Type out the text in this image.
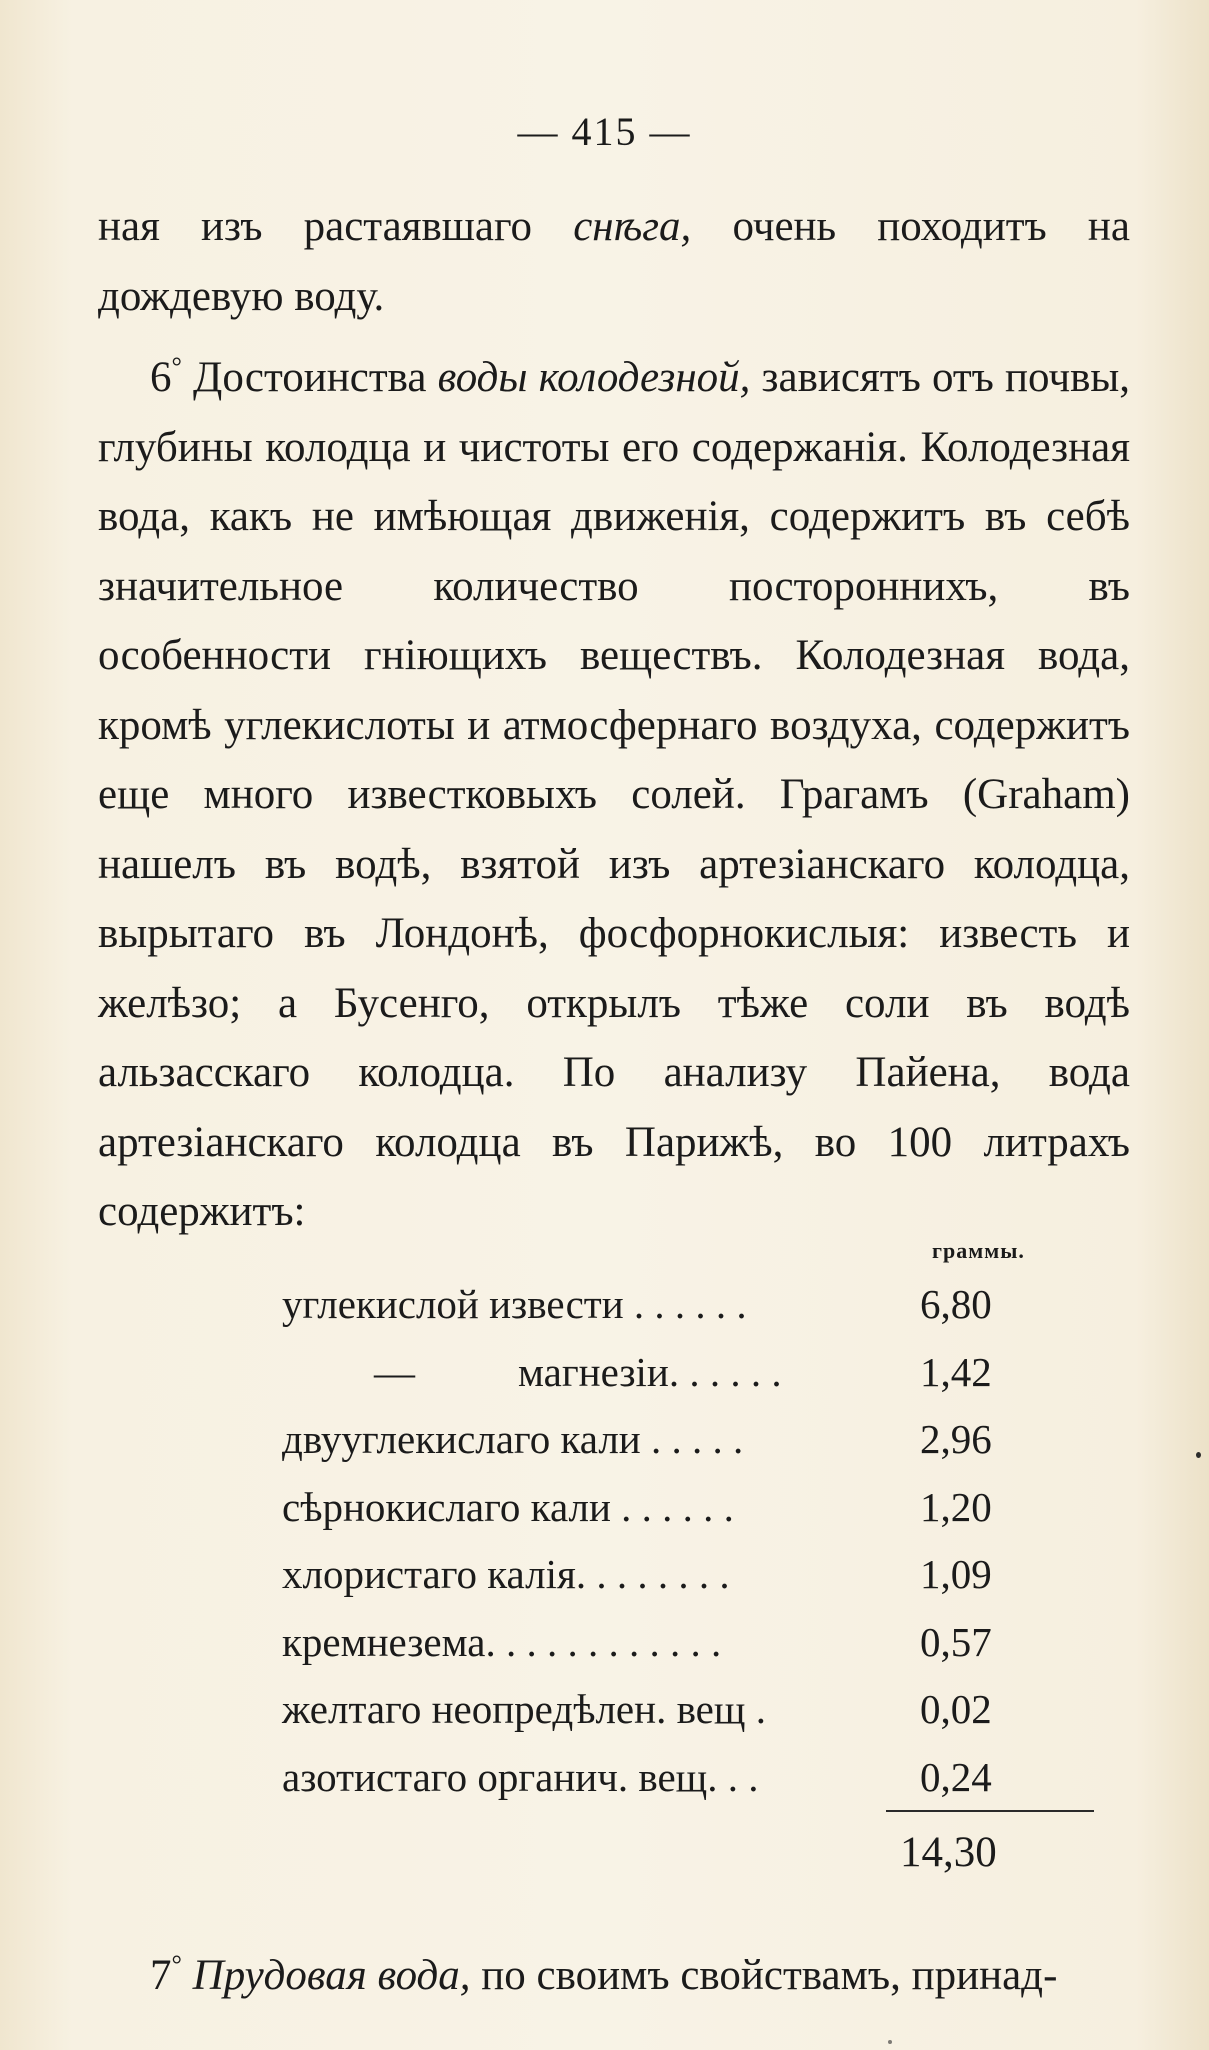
— 415 —
ная изъ растаявшаго снѣга, очень походитъ на дождевую воду.
6° Достоинства воды колодезной, зависятъ отъ почвы, глубины колодца и чистоты его содержанія. Колодезная вода, какъ не имѣющая движенія, содержитъ въ себѣ значительное количество постороннихъ, въ особенности гніющихъ веществъ. Колодезная вода, кромѣ углекислоты и атмосфернаго воздуха, содержитъ еще много известковыхъ солей. Грагамъ (Graham) нашелъ въ водѣ, взятой изъ артезіанскаго колодца, вырытаго въ Лондонѣ, фосфорнокислыя: известь и желѣзо; а Бусенго, открылъ тѣже соли въ водѣ альзасскаго колодца. По анализу Пайена, вода артезіанскаго колодца въ Парижѣ, во 100 литрахъ содержитъ:
граммы.
углекислой извести . . . . . .	6,80
—	магнезіи. . . . . .	1,42
двууглекислаго кали . . . . .	2,96
сѣрнокислаго кали . . . . . .	1,20
хлористаго калія. . . . . . . .	1,09
кремнезема. . . . . . . . . . . .	0,57
желтаго неопредѣлен. вещ .	0,02
азотистаго органич. вещ. . .	0,24
14,30
7° Прудовая вода, по своимъ свойствамъ, принад-
